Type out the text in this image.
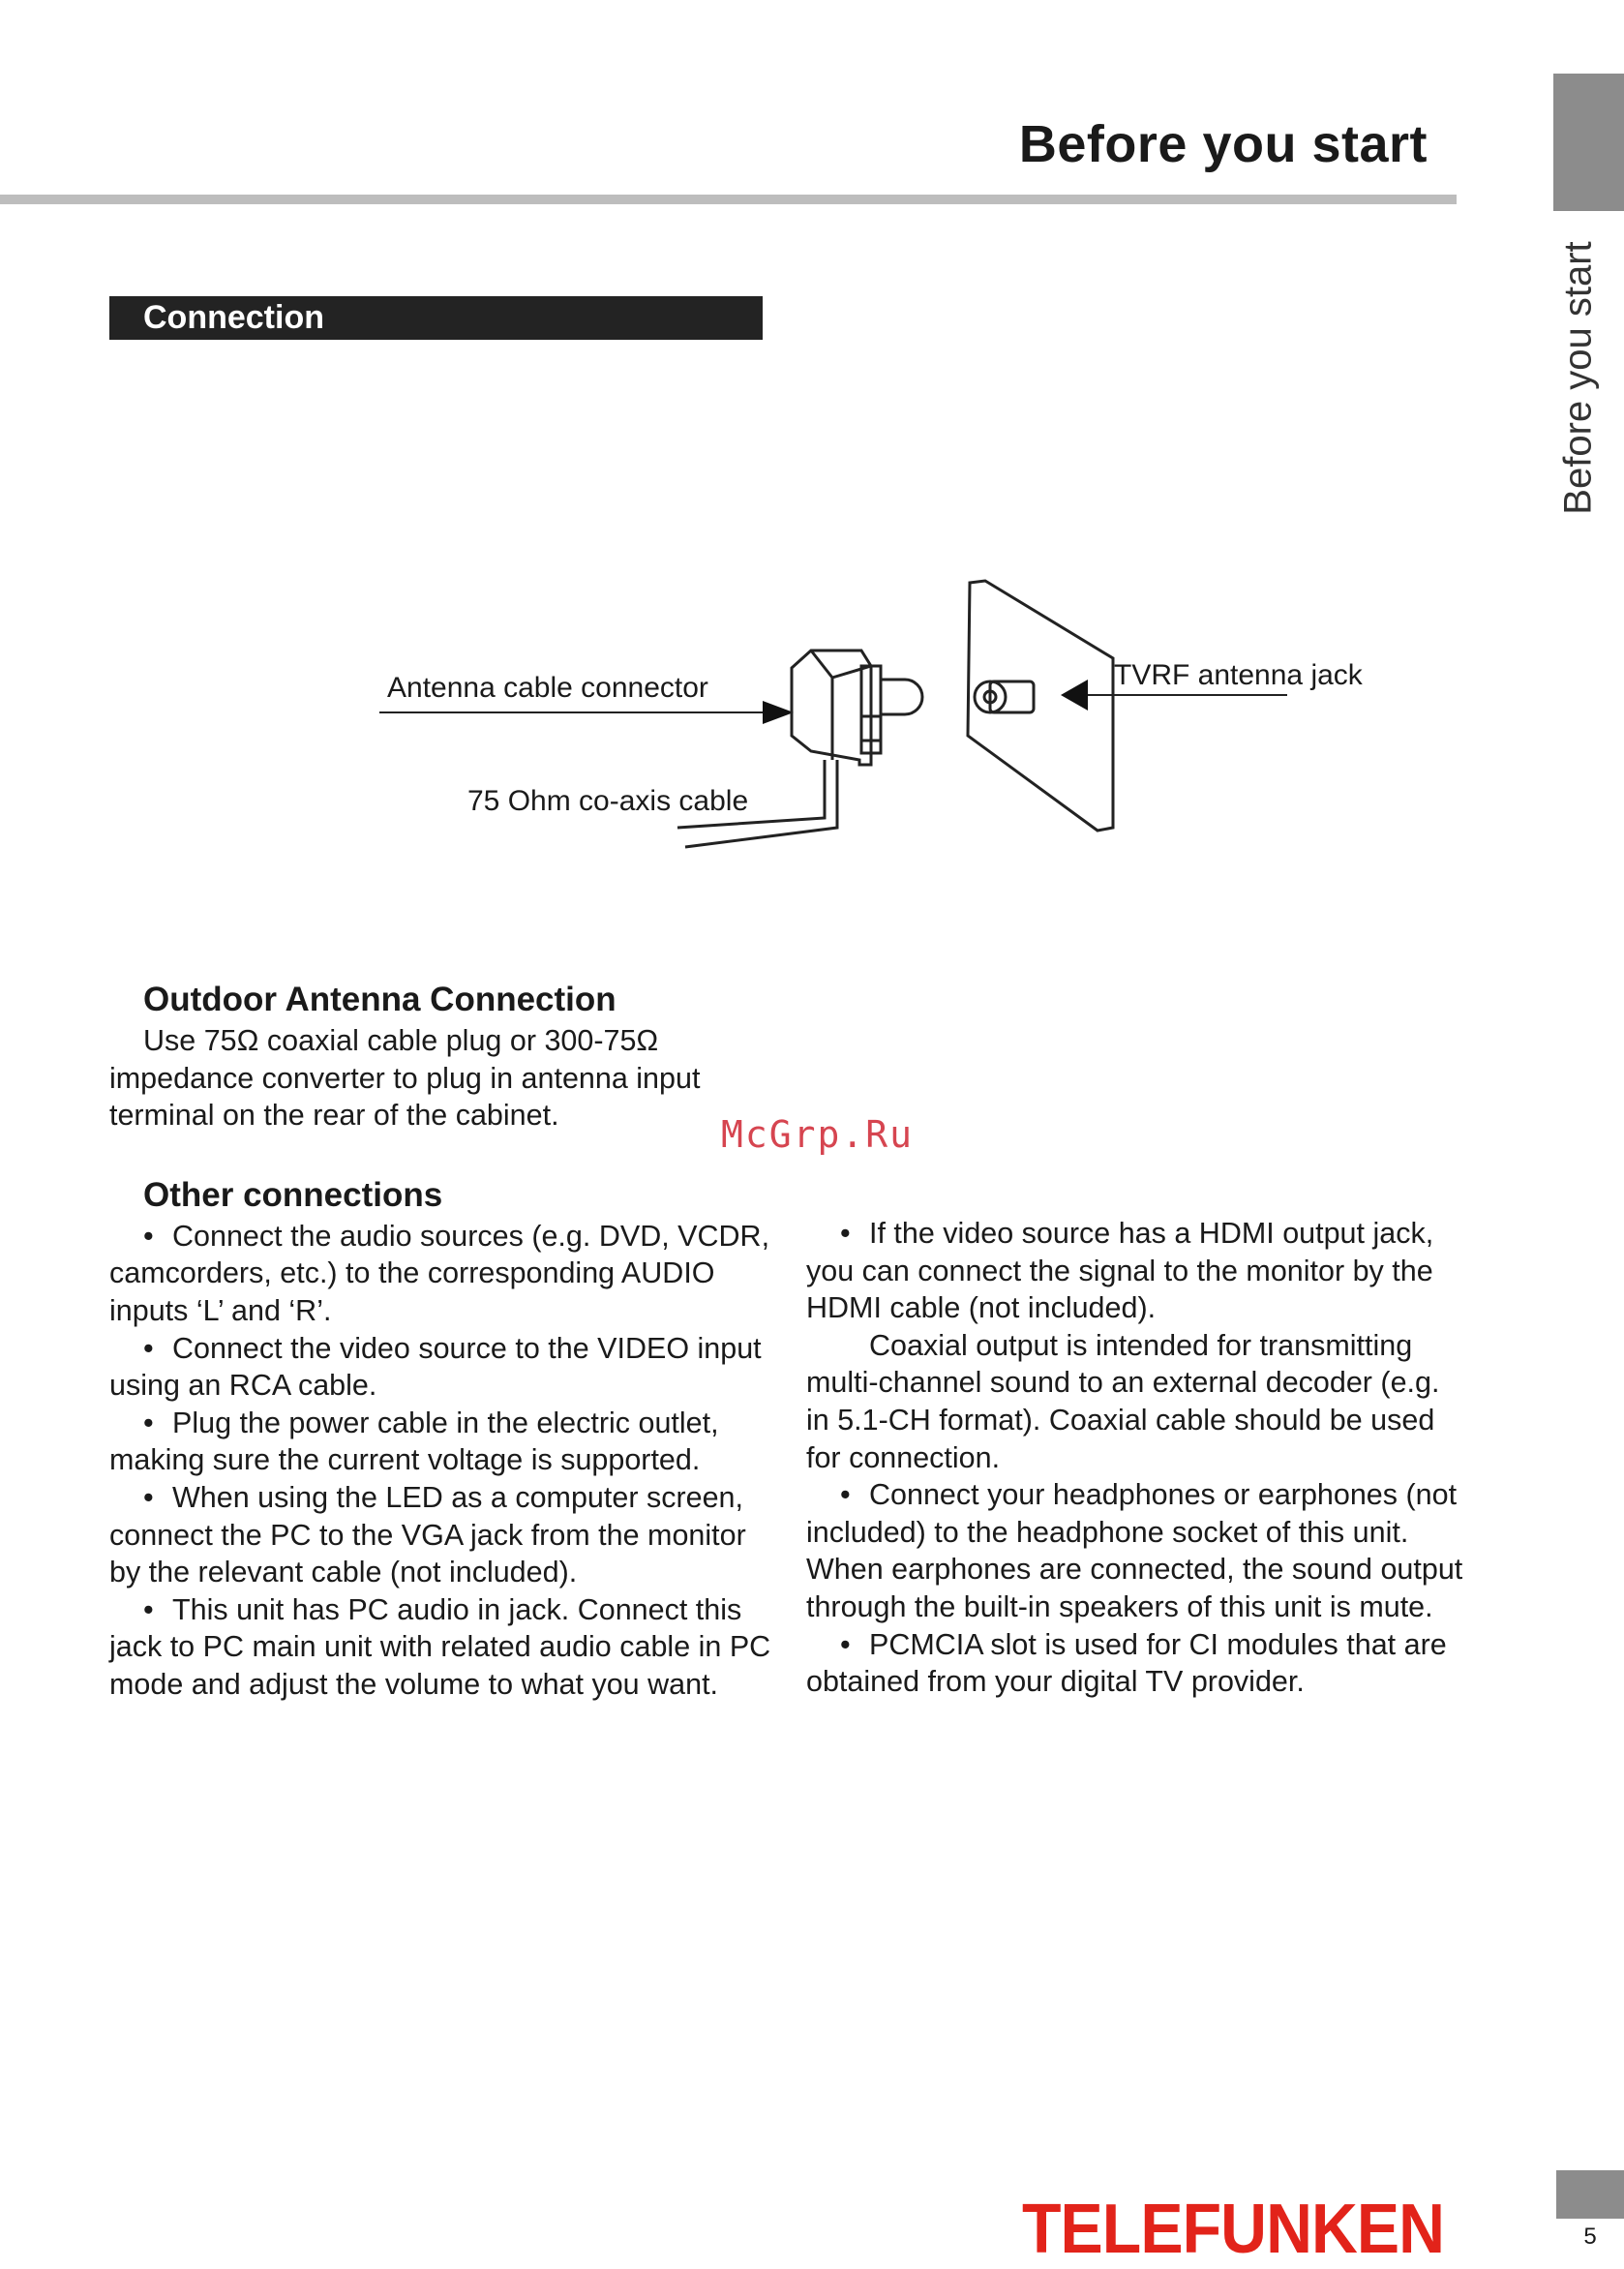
Before you start
Before you start
Connection
Antenna cable connector
75 Ohm co-axis cable
TVRF antenna jack
Outdoor Antenna Connection

Use 75Ω coaxial cable plug or 300-75Ω

impedance converter to plug in antenna input terminal on the rear of the cabinet.

Other connections

• Connect the audio sources (e.g. DVD, VCDR, camcorders, etc.) to the corresponding AUDIO inputs ‘L’ and ‘R’.

• Connect the video source to the VIDEO input using an RCA cable.

• Plug the power cable in the electric outlet, making sure the current voltage is supported.

• When using the LED as a computer screen, connect the PC to the VGA jack from the monitor by the relevant cable (not included).

• This unit has PC audio in jack. Connect this jack to PC main unit with related audio cable in PC mode and adjust the volume to what you want.

McGrp.Ru

• If the video source has a HDMI output jack, you can connect the signal to the monitor by the HDMI cable (not included).

Coaxial output is intended for transmitting multi-channel sound to an external decoder (e.g. in 5.1-CH format). Coaxial cable should be used for connection.

• Connect your headphones or earphones (not included) to the headphone socket of this unit. When earphones are connected, the sound output through the built-in speakers of this unit is mute.

• PCMCIA slot is used for CI modules that are obtained from your digital TV provider.

TELEFUNKEN	5
